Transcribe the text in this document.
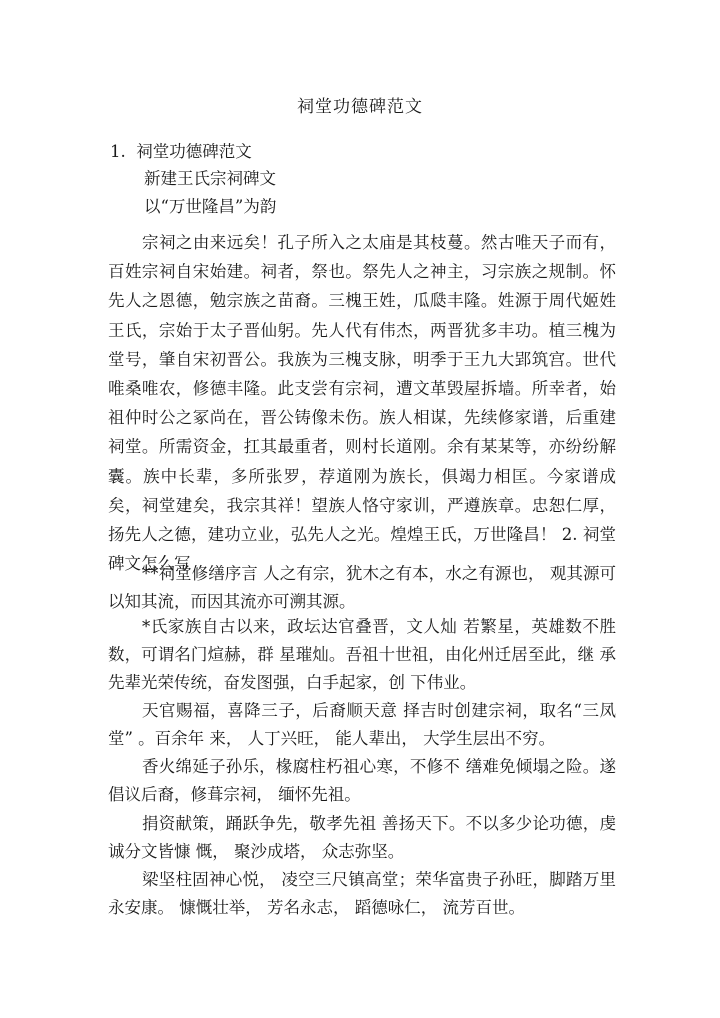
祠堂功德碑范文
1.  祠堂功德碑范文
新建王氏宗祠碑文
以“万世隆昌”为韵
宗祠之由来远矣！孔子所入之太庙是其枝蔓。然古唯天子而有，百姓宗祠自宋始建。祠者，祭也。祭先人之神主，习宗族之规制。怀先人之恩德，勉宗族之苗裔。三槐王姓，瓜瓞丰隆。姓源于周代姬姓王氏，宗始于太子晋仙躬。先人代有伟杰，两晋犹多丰功。植三槐为堂号，肇自宋初晋公。我族为三槐支脉，明季于王九大郢筑宫。世代唯桑唯农，修德丰隆。此支尝有宗祠，遭文革毁屋拆墙。所幸者，始祖仲时公之冢尚在，晋公铸像未伤。族人相谋，先续修家谱，后重建祠堂。所需资金，扛其最重者，则村长道刚。余有某某等，亦纷纷解囊。族中长辈，多所张罗，荐道刚为族长，俱竭力相匡。今家谱成矣，祠堂建矣，我宗其祥！望族人恪守家训，严遵族章。忠恕仁厚，扬先人之德，建功立业，弘先人之光。煌煌王氏，万世隆昌！ 2. 祠堂碑文怎么写
**祠堂修缮序言 人之有宗，犹木之有本，水之有源也， 观其源可以知其流，而因其流亦可溯其源。
*氏家族自古以来，政坛达官叠晋，文人灿 若繁星，英雄数不胜数，可谓名门煊赫，群 星璀灿。吾祖十世祖，由化州迁居至此，继 承先辈光荣传统，奋发图强，白手起家，创 下伟业。
天官赐福，喜降三子，后裔顺天意 择吉时创建宗祠，取名“三凤堂” 。百余年 来， 人丁兴旺， 能人辈出， 大学生层出不穷。
香火绵延子孙乐，椽腐柱朽祖心寒，不修不 缮难免倾塌之险。遂倡议后裔，修葺宗祠， 缅怀先祖。
捐资献策，踊跃争先，敬孝先祖 善扬天下。不以多少论功德，虔诚分文皆慷 慨， 聚沙成塔， 众志弥坚。
梁坚柱固神心悦， 凌空三尺镇高堂；荣华富贵子孙旺，脚踏万里永安康。 慷慨壮举， 芳名永志， 蹈德咏仁， 流芳百世。
